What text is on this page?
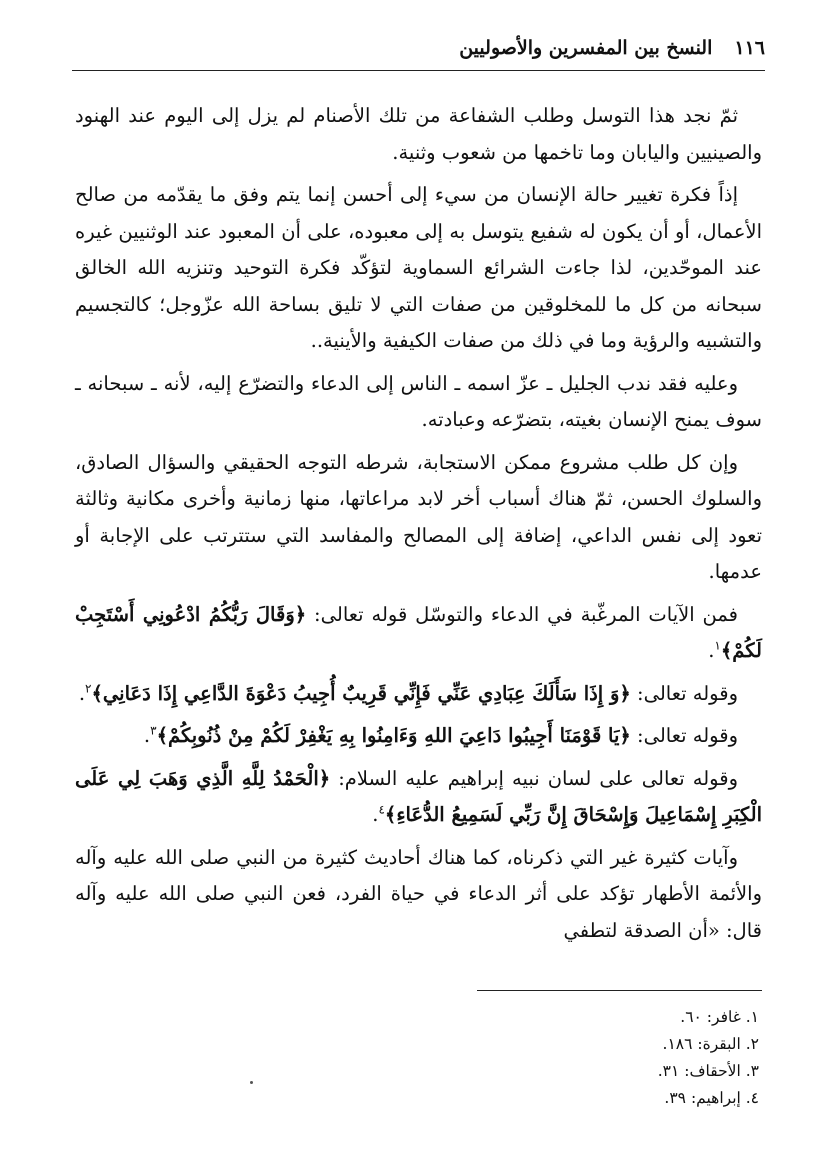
١١٦
النسخ بين المفسرين والأصوليين

ثمّ نجد هذا التوسل وطلب الشفاعة من تلك الأصنام لم يزل إلى اليوم عند الهنود والصينيين واليابان وما تاخمها من شعوب وثنية.

إذاً فكرة تغيير حالة الإنسان من سيء إلى أحسن إنما يتم وفق ما يقدّمه من صالح الأعمال، أو أن يكون له شفيع يتوسل به إلى معبوده، على أن المعبود عند الوثنيين غيره عند الموحّدين، لذا جاءت الشرائع السماوية لتؤكّد فكرة التوحيد وتنزيه الله الخالق سبحانه من كل ما للمخلوقين من صفات التي لا تليق بساحة الله عزّوجل؛ كالتجسيم والتشبيه والرؤية وما في ذلك من صفات الكيفية والأينية..

وعليه فقد ندب الجليل ـ عزّ اسمه ـ الناس إلى الدعاء والتضرّع إليه، لأنه ـ سبحانه ـ سوف يمنح الإنسان بغيته، بتضرّعه وعبادته.

وإن كل طلب مشروع ممكن الاستجابة، شرطه التوجه الحقيقي والسؤال الصادق، والسلوك الحسن، ثمّ هناك أسباب أخر لابد مراعاتها، منها زمانية وأخرى مكانية وثالثة تعود إلى نفس الداعي، إضافة إلى المصالح والمفاسد التي ستترتب على الإجابة أو عدمها.

فمن الآيات المرغّبة في الدعاء والتوسّل قوله تعالى: ﴿وَقَالَ رَبُّكُمُ ادْعُونِي أَسْتَجِبْ لَكُمْ﴾$^١$.

وقوله تعالى: ﴿وَ إِذَا سَأَلَكَ عِبَادِي عَنِّي فَإِنِّي قَرِيبٌ أُجِيبُ دَعْوَةَ الدَّاعِي إِذَا دَعَانِي﴾$^٢$.

وقوله تعالى: ﴿يَا قَوْمَنَا أَجِيبُوا دَاعِيَ اللهِ وَءَامِنُوا بِهِ يَغْفِرْ لَكُمْ مِنْ ذُنُوبِكُمْ﴾$^٣$.

وقوله تعالى على لسان نبيه إبراهيم عليه السلام: ﴿الْحَمْدُ لِلَّهِ الَّذِي وَهَبَ لِي عَلَى الْكِبَرِ إِسْمَاعِيلَ وَإِسْحَاقَ إِنَّ رَبِّي لَسَمِيعُ الدُّعَاءِ﴾$^٤$.

وآيات كثيرة غير التي ذكرناه، كما هناك أحاديث كثيرة من النبي صلى الله عليه وآله والأئمة الأطهار تؤكد على أثر الدعاء في حياة الفرد، فعن النبي صلى الله عليه وآله قال: «أن الصدقة لتطفي

١. غافر: ٦٠.
٢. البقرة: ١٨٦.
٣. الأحقاف: ٣١.
٤. إبراهيم: ٣٩.
